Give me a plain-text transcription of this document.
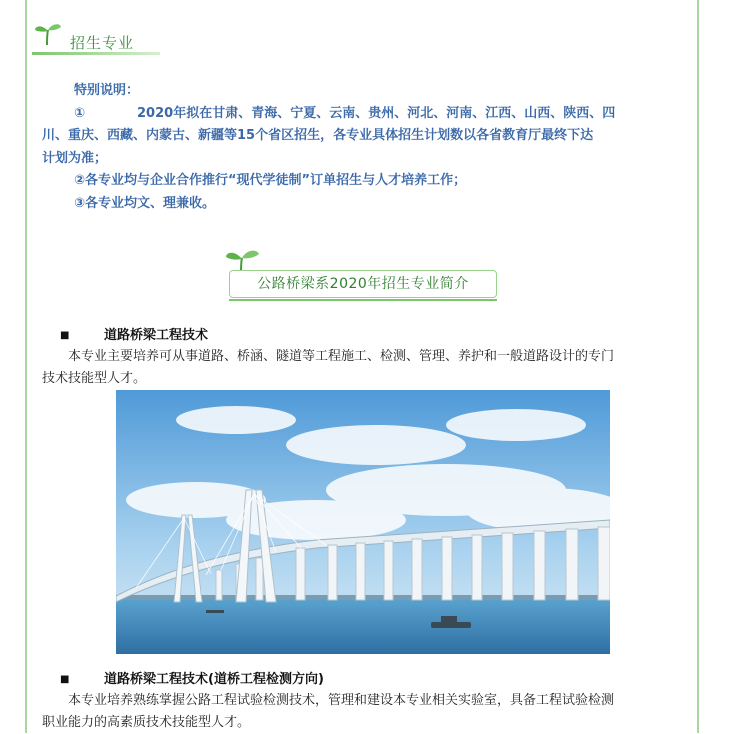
招生专业

特别说明：

①	2020年拟在甘肃、青海、宁夏、云南、贵州、河北、河南、江西、山西、陕西、四

川、重庆、西藏、内蒙古、新疆等15个省区招生，各专业具体招生计划数以各省教育厅最终下达

计划为准；

②各专业均与企业合作推行“现代学徒制”订单招生与人才培养工作；

③各专业均文、理兼收。

公路桥梁系2020年招生专业简介
■	道路桥梁工程技术
本专业主要培养可从事道路、桥涵、隧道等工程施工、检测、管理、养护和一般道路设计的专门
技术技能型人才。
■	道路桥梁工程技术(道桥工程检测方向)
本专业培养熟练掌握公路工程试验检测技术，管理和建设本专业相关实验室，具备工程试验检测
职业能力的高素质技术技能型人才。
